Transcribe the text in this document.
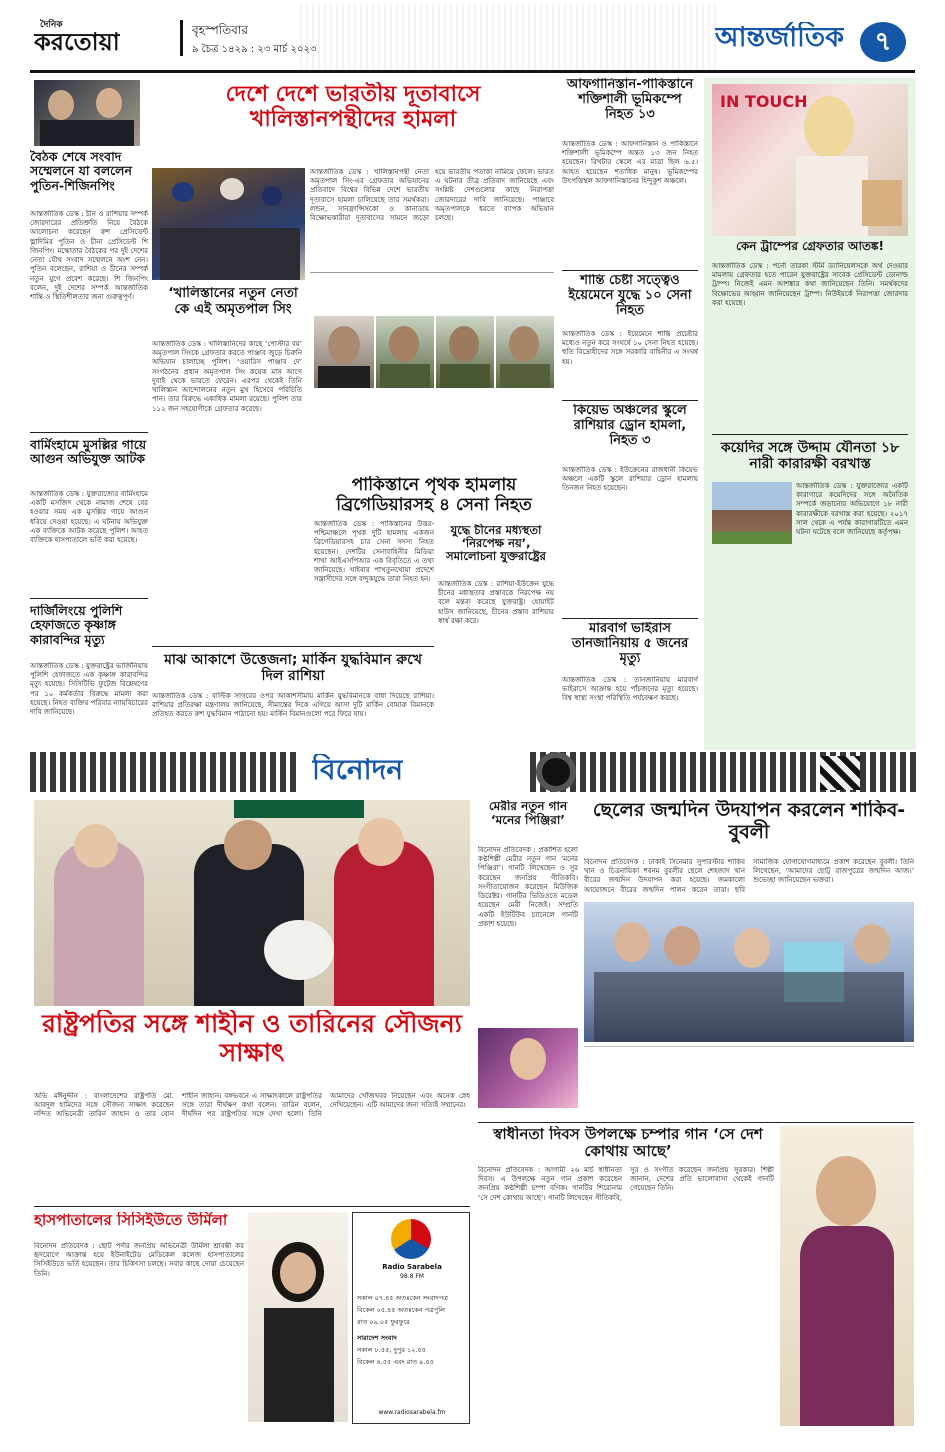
দৈনিক
করতোয়া	বৃহস্পতিবার
৯ চৈত্র ১৪২৯ : ২৩ মার্চ ২০২৩	আন্তর্জাতিক	৭
বৈঠক শেষে সংবাদ সম্মেলনে যা বললেন পুতিন-শিজিনপিং
আন্তর্জাতিক ডেস্ক : চীন ও রাশিয়ার সম্পর্ক জোরদারের প্রতিশ্রুতি নিয়ে বৈঠকে আলোচনা করেছেন রুশ প্রেসিডেন্ট ভ্লাদিমির পুতিন ও চীনা প্রেসিডেন্ট শি জিনপিং। মস্কোতার বৈঠকের পর দুই দেশের নেতা যৌথ সংবাদ সম্মেলনে অংশ নেন। পুতিন বলেছেন, রাশিয়া ও চীনের সম্পর্ক নতুন যুগে প্রবেশ করেছে। শি জিনপিং বলেন, দুই দেশের সম্পর্ক আন্তর্জাতিক শান্তি ও স্থিতিশীলতার জন্য গুরুত্বপূর্ণ।
বার্মিংহামে মুসল্লির গায়ে আগুন অভিযুক্ত আটক
আন্তর্জাতিক ডেস্ক : যুক্তরাজ্যের বার্মিংহামে একটি মসজিদ থেকে নামাজ শেষে বের হওয়ার সময় এক মুসল্লির গায়ে আগুন ধরিয়ে দেওয়া হয়েছে। এ ঘটনায় অভিযুক্ত এক ব্যক্তিকে আটক করেছে পুলিশ। আহত ব্যক্তিকে হাসপাতালে ভর্তি করা হয়েছে।
দার্জিলিংয়ে পুলিশি হেফাজতে কৃষ্ণাঙ্গ কারাবন্দির মৃত্যু
আন্তর্জাতিক ডেস্ক : যুক্তরাষ্ট্রের ভার্জিনিয়ায় পুলিশি হেফাজতে এক কৃষ্ণাঙ্গ কারাবন্দির মৃত্যু হয়েছে। সিসিটিভি ফুটেজ বিশ্লেষণের পর ১০ কর্মকর্তার বিরুদ্ধে মামলা করা হয়েছে। নিহত ব্যক্তির পরিবার ন্যায়বিচারের দাবি জানিয়েছে।
দেশে দেশে ভারতীয় দূতাবাসে খালিস্তানপন্থীদের হামলা
‘খালিস্তানের নতুন নেতা কে এই অমৃতপাল সিং
আন্তর্জাতিক ডেস্ক : খালিস্তানিদের কাছে ‘পোস্টার বয়’ অমৃতপাল সিংকে গ্রেফতার করতে পাঞ্জাব জুড়ে চিরুনি অভিযান চালাচ্ছে পুলিশ। ‘ওয়ারিস পাঞ্জাব দে’ সংগঠনের প্রধান অমৃতপাল সিং কয়েক মাস আগে দুবাই থেকে ভারতে ফেরেন। এরপর থেকেই তিনি খালিস্তান আন্দোলনের নতুন মুখ হিসেবে পরিচিতি পান। তার বিরুদ্ধে একাধিক মামলা রয়েছে। পুলিশ তার ১১২ জন সহযোগীকে গ্রেফতার করেছে।
আন্তর্জাতিক ডেস্ক : খালিস্তানপন্থী নেতা অমৃতপাল সিং-এর গ্রেফতার অভিযানের প্রতিবাদে বিশ্বের বিভিন্ন দেশে ভারতীয় দূতাবাসে হামলা চালিয়েছে তার সমর্থকরা। লন্ডন, সানফ্রান্সিসকো ও কানাডায় বিক্ষোভকারীরা দূতাবাসের সামনে জড়ো হয়ে ভারতীয় পতাকা নামিয়ে ফেলে। ভারত এ ঘটনার তীব্র প্রতিবাদ জানিয়েছে এবং সংশ্লিষ্ট দেশগুলোর কাছে নিরাপত্তা জোরদারের দাবি জানিয়েছে। পাঞ্জাবে অমৃতপালকে ধরতে ব্যাপক অভিযান চলছে।
পাকিস্তানে পৃথক হামলায় ব্রিগেডিয়ারসহ ৪ সেনা নিহত
আন্তর্জাতিক ডেস্ক : পাকিস্তানের উত্তর-পশ্চিমাঞ্চলে পৃথক দুটি হামলায় একজন ব্রিগেডিয়ারসহ চার সেনা সদস্য নিহত হয়েছেন। দেশটির সেনাবাহিনীর মিডিয়া শাখা আইএসপিআর এক বিবৃতিতে এ তথ্য জানিয়েছে। খাইবার পাখতুনখোয়া প্রদেশে সন্ত্রাসীদের সঙ্গে বন্দুকযুদ্ধে তারা নিহত হন।
যুদ্ধে চীনের মধ্যস্থতা ‘নিরপেক্ষ নয়’, সমালোচনা যুক্তরাষ্ট্রের
আন্তর্জাতিক ডেস্ক : রাশিয়া-ইউক্রেন যুদ্ধে চীনের মধ্যস্থতার প্রস্তাবকে নিরপেক্ষ নয় বলে মন্তব্য করেছে যুক্তরাষ্ট্র। হোয়াইট হাউস জানিয়েছে, চীনের প্রস্তাব রাশিয়ার স্বার্থ রক্ষা করে।
মাঝ আকাশে উত্তেজনা; মার্কিন যুদ্ধবিমান রুখে দিল রাশিয়া
আন্তর্জাতিক ডেস্ক : বাল্টিক সাগরের ওপর আকাশসীমায় মার্কিন যুদ্ধবিমানকে বাধা দিয়েছে রাশিয়া। রাশিয়ার প্রতিরক্ষা মন্ত্রণালয় জানিয়েছে, সীমান্তের দিকে এগিয়ে আসা দুটি মার্কিন বোমারু বিমানকে প্রতিহত করতে রুশ যুদ্ধবিমান পাঠানো হয়। মার্কিন বিমানগুলো পরে ফিরে যায়।
আফগানিস্তান-পাকিস্তানে শক্তিশালী ভূমিকম্পে নিহত ১৩
আন্তর্জাতিক ডেস্ক : আফগানিস্তান ও পাকিস্তানে শক্তিশালী ভূমিকম্পে অন্তত ১৩ জন নিহত হয়েছেন। রিখটার স্কেলে এর মাত্রা ছিল ৬.৫। আহত হয়েছেন শতাধিক মানুষ। ভূমিকম্পের উৎপত্তিস্থল আফগানিস্তানের হিন্দুকুশ অঞ্চলে।
শান্তি চেষ্টা সত্ত্বেও ইয়েমেনে যুদ্ধে ১০ সেনা নিহত
আন্তর্জাতিক ডেস্ক : ইয়েমেনে শান্তি প্রচেষ্টার মধ্যেও নতুন করে সংঘর্ষে ১০ সেনা নিহত হয়েছে। হুতি বিদ্রোহীদের সঙ্গে সরকারি বাহিনীর এ সংঘর্ষ হয়।
কিয়েভ অঞ্চলের স্কুলে রাশিয়ার ড্রোন হামলা, নিহত ৩
আন্তর্জাতিক ডেস্ক : ইউক্রেনের রাজধানী কিয়েভ অঞ্চলে একটি স্কুলে রাশিয়ার ড্রোন হামলায় তিনজন নিহত হয়েছেন।
মারবার্গ ভাইরাস তানজানিয়ায় ৫ জনের মৃত্যু
আন্তর্জাতিক ডেস্ক : তানজানিয়ায় মারবার্গ ভাইরাসে আক্রান্ত হয়ে পাঁচজনের মৃত্যু হয়েছে। বিশ্ব স্বাস্থ্য সংস্থা পরিস্থিতি পর্যবেক্ষণ করছে।
IN TOUCH
কেন ট্রাম্পের গ্রেফতার আতঙ্ক!
আন্তর্জাতিক ডেস্ক : পর্নো তারকা স্টর্মি ড্যানিয়েলসকে অর্থ দেওয়ার মামলায় গ্রেফতার হতে পারেন যুক্তরাষ্ট্রের সাবেক প্রেসিডেন্ট ডোনাল্ড ট্রাম্প। নিজেই এমন আশঙ্কার কথা জানিয়েছেন তিনি। সমর্থকদের বিক্ষোভের আহ্বান জানিয়েছেন ট্রাম্প। নিউইয়র্কে নিরাপত্তা জোরদার করা হয়েছে।
কয়েদির সঙ্গে উদ্দাম যৌনতা ১৮ নারী কারারক্ষী বরখাস্ত
আন্তর্জাতিক ডেস্ক : যুক্তরাজ্যের একটি কারাগারে কয়েদিদের সঙ্গে অনৈতিক সম্পর্কে জড়ানোর অভিযোগে ১৮ নারী কারারক্ষীকে বরখাস্ত করা হয়েছে। ২০১৭ সাল থেকে এ পর্যন্ত কারাগারটিতে এমন ঘটনা ঘটেছে বলে জানিয়েছে কর্তৃপক্ষ।
বিনোদন
রাষ্ট্রপতির সঙ্গে শাহীন ও তারিনের সৌজন্য সাক্ষাৎ
অভি মঈনুদ্দীন : বাংলাদেশের রাষ্ট্রপতি মো. আবদুল হামিদের সঙ্গে সৌজন্য সাক্ষাৎ করেছেন নন্দিত অভিনেত্রী তারিন জাহান ও তার বোন শাহীন জাহান। বঙ্গভবনে এ সাক্ষাৎকালে রাষ্ট্রপতির সঙ্গে তারা দীর্ঘক্ষণ কথা বলেন। তারিন বলেন, দীর্ঘদিন পর রাষ্ট্রপতির সঙ্গে দেখা হলো। তিনি আমাদের খোঁজখবর নিয়েছেন এবং অনেক স্নেহ দেখিয়েছেন। এটি আমাদের জন্য সত্যিই সম্মানের।
মেরীর নতুন গান ‘মনের পিঞ্জিরা’
বিনোদন প্রতিবেদক : প্রকাশিত হলো কণ্ঠশিল্পী মেরীর নতুন গান ‘মনের পিঞ্জিরা’। গানটি লিখেছেন ও সুর করেছেন জনপ্রিয় গীতিকবি। সংগীতায়োজন করেছেন মিউজিক ডিরেক্টর। গানটির ভিডিওতে মডেল হয়েছেন মেরী নিজেই। সম্প্রতি একটি ইউটিউব চ্যানেলে গানটি প্রকাশ হয়েছে।
ছেলের জন্মদিন উদযাপন করলেন শাকিব-বুবলী
বিনোদন প্রতিবেদক : ঢাকাই সিনেমার সুপারস্টার শাকিব খান ও চিত্রনায়িকা শবনম বুবলীর ছেলে শেহজাদ খান বীরের জন্মদিন উদযাপন করা হয়েছে। জমকালো আয়োজনে বীরের জন্মদিন পালন করেন তারা। ছবি সামাজিক যোগাযোগমাধ্যমে প্রকাশ করেছেন বুবলী। তিনি লিখেছেন, ‘আমাদের ছোট্ট রাজপুত্রের জন্মদিন আজ।’ শুভেচ্ছা জানিয়েছেন ভক্তরা।
স্বাধীনতা দিবস উপলক্ষে চম্পার গান ‘সে দেশ কোথায় আছে’
বিনোদন প্রতিবেদক : আগামী ২৬ মার্চ স্বাধীনতা দিবস। এ উপলক্ষে নতুন গান প্রকাশ করেছেন জনপ্রিয় কণ্ঠশিল্পী চম্পা বণিক। গানটির শিরোনাম ‘সে দেশ কোথায় আছে’। গানটি লিখেছেন গীতিকবি, সুর ও সংগীত করেছেন জনপ্রিয় সুরকার। শিল্পী জানান, দেশের প্রতি ভালোবাসা থেকেই গানটি গেয়েছেন তিনি।
হাসপাতালের সিসিইউতে উর্মিলা
বিনোদন প্রতিবেদক : ছোট পর্দার জনপ্রিয় অভিনেত্রী উর্মিলা শ্রাবন্তী কর হৃদরোগে আক্রান্ত হয়ে ইউনাইটেড মেডিকেল কলেজ হাসপাতালের সিসিইউতে ভর্তি হয়েছেন। তার চিকিৎসা চলছে। সবার কাছে দোয়া চেয়েছেন তিনি।
Radio Sarabela
98.8 FM
সকাল ০৭.৪৫ অতঃকেন সংবাদপত্র
বিকেল ০৫.৪৫ অতঃকেন পত্রপুলি
রাত ০৯.০৫ ফুরফুরে
সারাদেশ সংবাদ
সকাল ৮.৫৫, দুপুর ১২.৫৫
বিকেল ৪.৫৫ এবং রাত ৯.৫৫
www.radiosarabela.fm
